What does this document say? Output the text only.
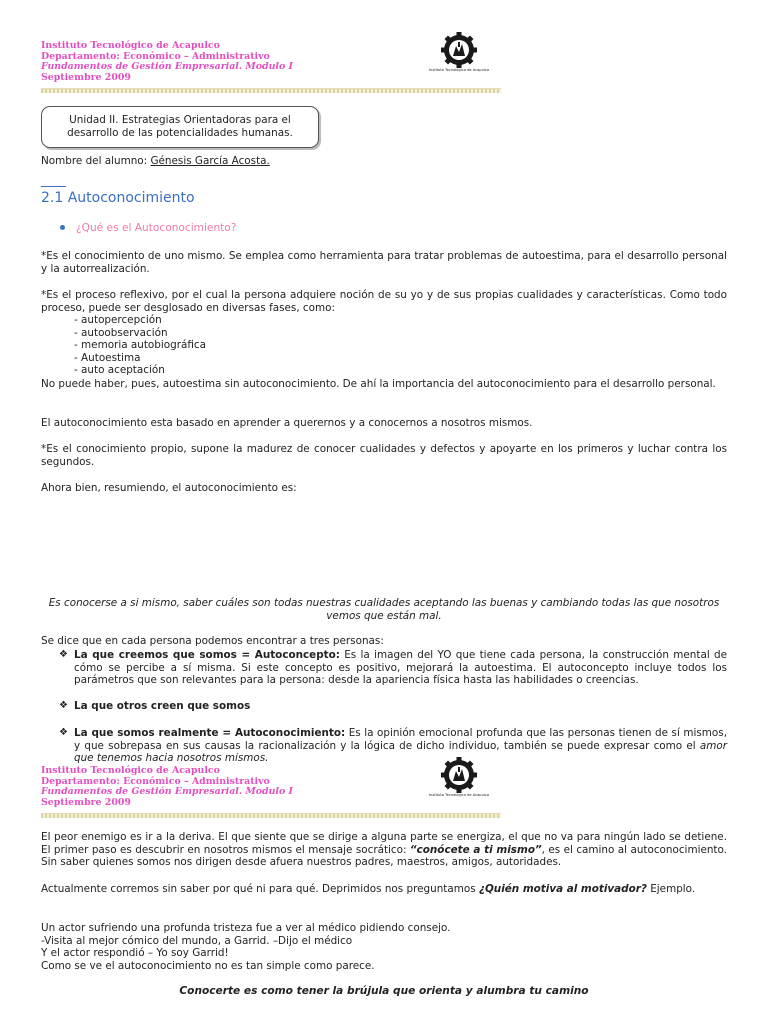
Instituto Tecnológico de Acapulco
Departamento: Económico – Administrativo
Fundamentos de Gestión Empresarial. Modulo I
Septiembre 2009
Instituto Tecnológico de Acapulco
Unidad II. Estrategias Orientadoras para el
desarrollo de las potencialidades humanas.
Nombre del alumno: Génesis García Acosta.
2.1 Autoconocimiento
¿Qué es el Autoconocimiento?
*Es el conocimiento de uno mismo. Se emplea como herramienta para tratar problemas de autoestima, para el desarrollo personal y la autorrealización.
*Es el proceso reflexivo, por el cual la persona adquiere noción de su yo y de sus propias cualidades y características. Como todo proceso, puede ser desglosado en diversas fases, como:
- autopercepción
- autoobservación
- memoria autobiográfica
- Autoestima
- auto aceptación
No puede haber, pues, autoestima sin autoconocimiento. De ahí la importancia del autoconocimiento para el desarrollo personal.
El autoconocimiento esta basado en aprender a querernos y a conocernos a nosotros mismos.
*Es el conocimiento propio, supone la madurez de conocer cualidades y defectos y apoyarte en los primeros y luchar contra los segundos.
Ahora bien, resumiendo, el autoconocimiento es:
Es conocerse a si mismo, saber cuáles son todas nuestras cualidades aceptando las buenas y cambiando todas las que nosotros vemos que están mal.
Se dice que en cada persona podemos encontrar a tres personas:
❖ La que creemos que somos = Autoconcepto: Es la imagen del YO que tiene cada persona, la construcción mental de cómo se percibe a sí misma. Si este concepto es positivo, mejorará la autoestima. El autoconcepto incluye todos los parámetros que son relevantes para la persona: desde la apariencia física hasta las habilidades o creencias.
❖ La que otros creen que somos
❖ La que somos realmente = Autoconocimiento: Es la opinión emocional profunda que las personas tienen de sí mismos, y que sobrepasa en sus causas la racionalización y la lógica de dicho individuo, también se puede expresar como el amor que tenemos hacia nosotros mismos.
Instituto Tecnológico de Acapulco
Departamento: Económico – Administrativo
Fundamentos de Gestión Empresarial. Modulo I
Septiembre 2009
Instituto Tecnológico de Acapulco
El peor enemigo es ir a la deriva. El que siente que se dirige a alguna parte se energiza, el que no va para ningún lado se detiene. El primer paso es descubrir en nosotros mismos el mensaje socrático: “conócete a ti mismo”, es el camino al autoconocimiento. Sin saber quienes somos nos dirigen desde afuera nuestros padres, maestros, amigos, autoridades.
Actualmente corremos sin saber por qué ni para qué. Deprimidos nos preguntamos ¿Quién motiva al motivador? Ejemplo.
Un actor sufriendo una profunda tristeza fue a ver al médico pidiendo consejo.
-Visita al mejor cómico del mundo, a Garrid. –Dijo el médico
Y el actor respondió – Yo soy Garrid!
Como se ve el autoconocimiento no es tan simple como parece.
Conocerte es como tener la brújula que orienta y alumbra tu camino
